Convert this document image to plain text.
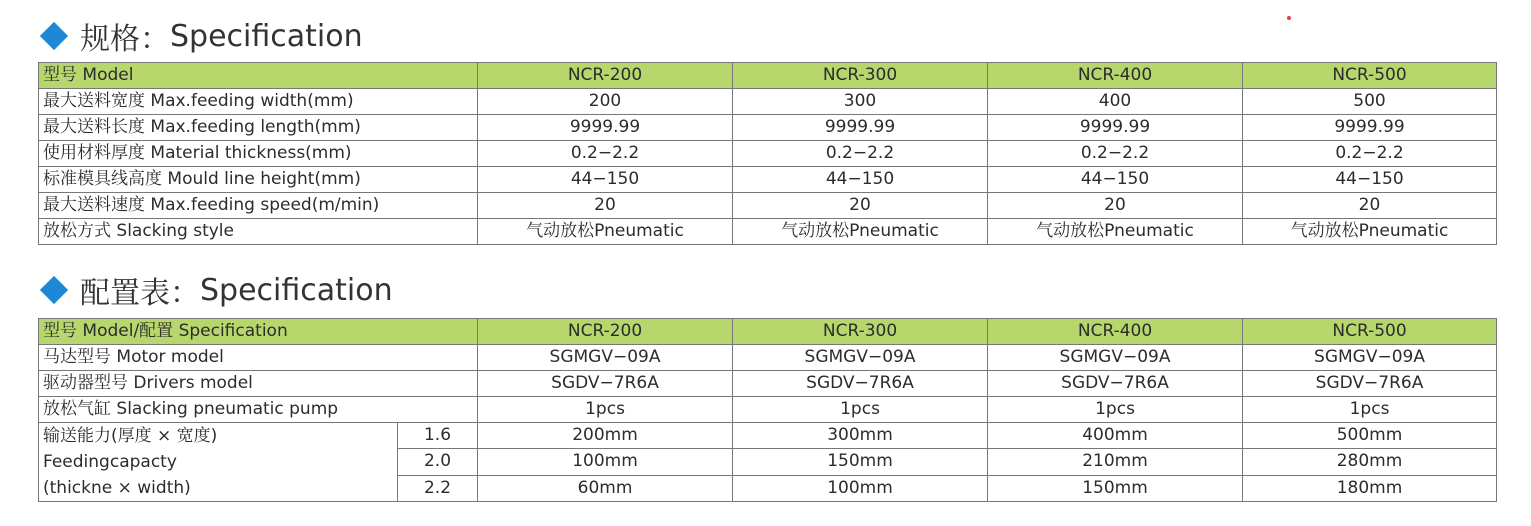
规格： Specification
型号 Model	NCR-200	NCR-300	NCR-400	NCR-500
最大送料宽度 Max.feeding width(mm)	200	300	400	500
最大送料长度 Max.feeding length(mm)	9999.99	9999.99	9999.99	9999.99
使用材料厚度 Material thickness(mm)	0.2−2.2	0.2−2.2	0.2−2.2	0.2−2.2
标准模具线高度 Mould line height(mm)	44−150	44−150	44−150	44−150
最大送料速度 Max.feeding speed(m/min)	20	20	20	20
放松方式 Slacking style	气动放松Pneumatic	气动放松Pneumatic	气动放松Pneumatic	气动放松Pneumatic
配置表： Specification
型号 Model/配置 Specification		NCR-200	NCR-300	NCR-400	NCR-500
马达型号 Motor model		SGMGV−09A	SGMGV−09A	SGMGV−09A	SGMGV−09A
驱动器型号 Drivers model		SGDV−7R6A	SGDV−7R6A	SGDV−7R6A	SGDV−7R6A
放松气缸 Slacking pneumatic pump		1pcs	1pcs	1pcs	1pcs

输送能力(厚度 × 宽度)
Feedingcapacty
(thickne × width)	1.6	200mm	300mm	400mm	500mm
	2.0	100mm	150mm	210mm	280mm
	2.2	60mm	100mm	150mm	180mm
